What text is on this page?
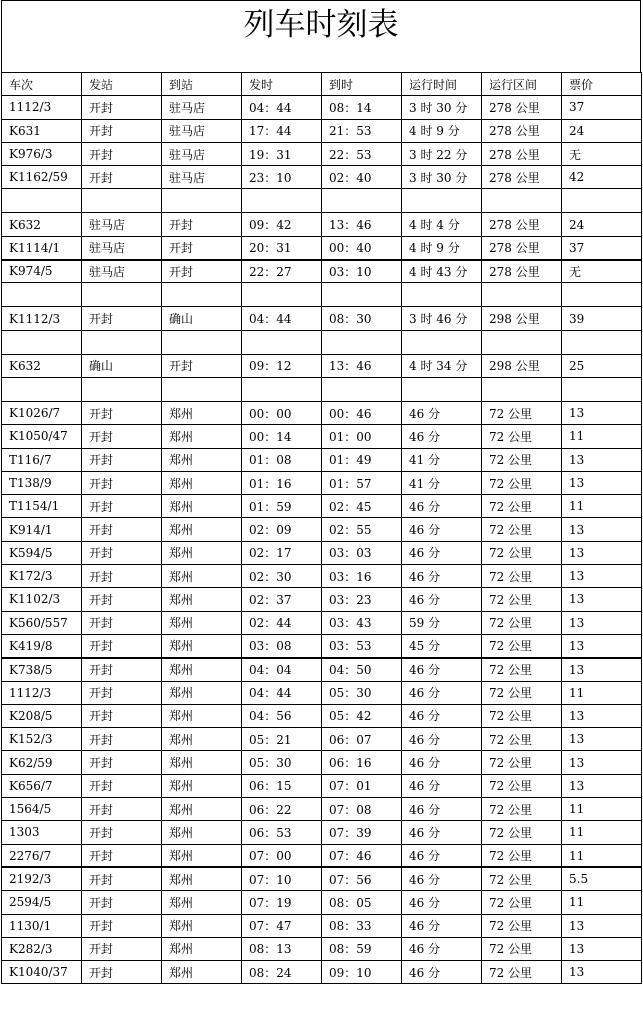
列车时刻表
车次	发站	到站	发时	到时	运行时间	运行区间	票价
1112/3	开封	驻马店	04：44	08：14	3 时 30 分	278 公里	37
K631	开封	驻马店	17：44	21：53	4 时 9 分	278 公里	24
K976/3	开封	驻马店	19：31	22：53	3 时 22 分	278 公里	无
K1162/59	开封	驻马店	23：10	02：40	3 时 30 分	278 公里	42

K632	驻马店	开封	09：42	13：46	4 时 4 分	278 公里	24
K1114/1	驻马店	开封	20：31	00：40	4 时 9 分	278 公里	37
K974/5	驻马店	开封	22：27	03：10	4 时 43 分	278 公里	无

K1112/3	开封	确山	04：44	08：30	3 时 46 分	298 公里	39

K632	确山	开封	09：12	13：46	4 时 34 分	298 公里	25

K1026/7	开封	郑州	00：00	00：46	46 分	72 公里	13
K1050/47	开封	郑州	00：14	01：00	46 分	72 公里	11
T116/7	开封	郑州	01：08	01：49	41 分	72 公里	13
T138/9	开封	郑州	01：16	01：57	41 分	72 公里	13
T1154/1	开封	郑州	01：59	02：45	46 分	72 公里	11
K914/1	开封	郑州	02：09	02：55	46 分	72 公里	13
K594/5	开封	郑州	02：17	03：03	46 分	72 公里	13
K172/3	开封	郑州	02：30	03：16	46 分	72 公里	13
K1102/3	开封	郑州	02：37	03：23	46 分	72 公里	13
K560/557	开封	郑州	02：44	03：43	59 分	72 公里	13
K419/8	开封	郑州	03：08	03：53	45 分	72 公里	13
K738/5	开封	郑州	04：04	04：50	46 分	72 公里	13
1112/3	开封	郑州	04：44	05：30	46 分	72 公里	11
K208/5	开封	郑州	04：56	05：42	46 分	72 公里	13
K152/3	开封	郑州	05：21	06：07	46 分	72 公里	13
K62/59	开封	郑州	05：30	06：16	46 分	72 公里	13
K656/7	开封	郑州	06：15	07：01	46 分	72 公里	13
1564/5	开封	郑州	06：22	07：08	46 分	72 公里	11
1303	开封	郑州	06：53	07：39	46 分	72 公里	11
2276/7	开封	郑州	07：00	07：46	46 分	72 公里	11
2192/3	开封	郑州	07：10	07：56	46 分	72 公里	5.5
2594/5	开封	郑州	07：19	08：05	46 分	72 公里	11
1130/1	开封	郑州	07：47	08：33	46 分	72 公里	13
K282/3	开封	郑州	08：13	08：59	46 分	72 公里	13
K1040/37	开封	郑州	08：24	09：10	46 分	72 公里	13
